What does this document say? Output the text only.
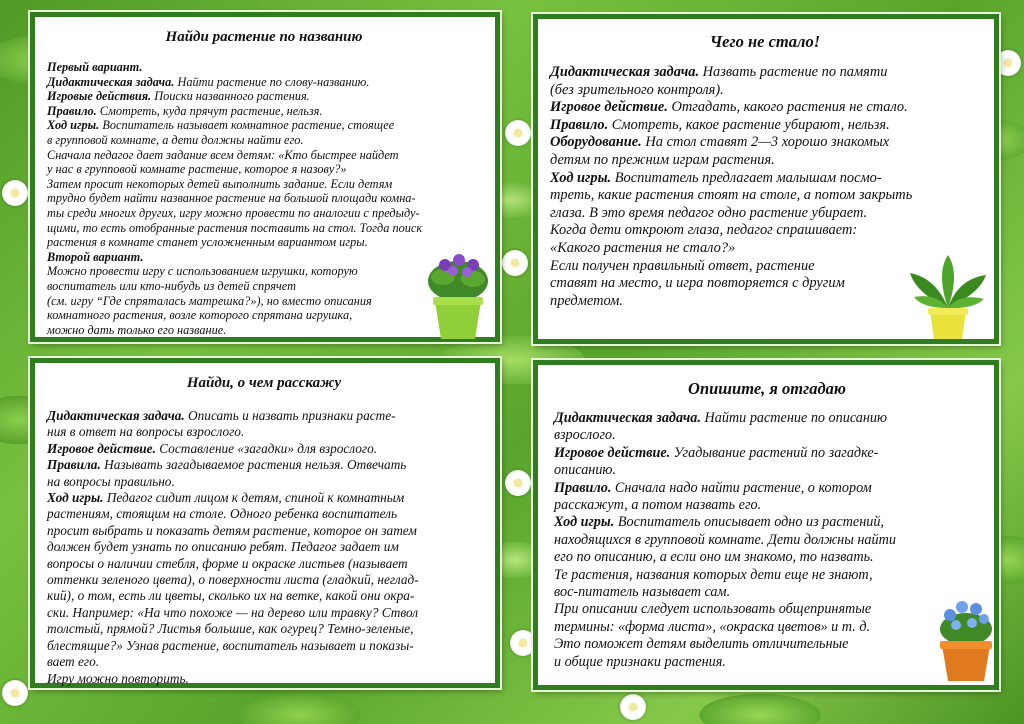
Найди растение по названию

Первый вариант.

Дидактическая задача. Найти растение по слову-названию.

Игровые действия. Поиски названного растения.

Правило. Смотреть, куда прячут растение, нельзя.

Ход игры. Воспитатель называет комнатное растение, стоящее

в групповой комнате, а дети должны найти его.

Сначала педагог дает задание всем детям: «Кто быстрее найдет

у нас в групповой комнате растение, которое я назову?»

Затем просит некоторых детей выполнить задание. Если детям

трудно будет найти названное растение на большой площади комна-

ты среди многих других, игру можно провести по аналогии с предыду-

щими, то есть отобранные растения поставить на стол. Тогда поиск

растения в комнате станет усложненным вариантом игры.

Второй вариант.

Можно провести игру с использованием игрушки, которую

воспитатель или кто-нибудь из детей спрячет

(см. игру “Где спряталась матрешка?»), но вместо описания

комнатного растения, возле которого спрятана игрушка,

можно дать только его название.

Чего не стало!

Дидактическая задача. Назвать растение по памяти

(без зрительного контроля).

Игровое действие. Отгадать, какого растения не стало.

Правило. Смотреть, какое растение убирают, нельзя.

Оборудование. На стол ставят 2—3 хорошо знакомых

детям по прежним играм растения.

Ход игры. Воспитатель предлагает малышам посмо-

треть, какие растения стоят на столе, а потом закрыть

глаза. В это время педагог одно растение убирает.

Когда дети откроют глаза, педагог спрашивает:

«Какого растения не стало?»

Если получен правильный ответ, растение

ставят на место, и игра повторяется с другим

предметом.

Найди, о чем расскажу

Дидактическая задача. Описать и назвать признаки расте-

ния в ответ на вопросы взрослого.

Игровое действие. Составление «загадки» для взрослого.

Правила. Называть загадываемое растения нельзя. Отвечать

на вопросы правильно.

Ход игры. Педагог сидит лицом к детям, спиной к комнатным

растениям, стоящим на столе. Одного ребенка воспитатель

просит выбрать и показать детям растение, которое он затем

должен будет узнать по описанию ребят. Педагог задает им

вопросы о наличии стебля, форме и окраске листьев (называет

оттенки зеленого цвета), о поверхности листа (гладкий, неглад-

кий), о том, есть ли цветы, сколько их на ветке, какой они окра-

ски. Например: «На что похоже — на дерево или травку? Ствол

толстый, прямой? Листья большие, как огурец? Темно-зеленые,

блестящие?» Узнав растение, воспитатель называет и показы-

вает его.

Игру можно повторить.

Опишите, я отгадаю

Дидактическая задача. Найти растение по описанию

взрослого.

Игровое действие. Угадывание растений по загадке-

описанию.

Правило. Сначала надо найти растение, о котором

расскажут, а потом назвать его.

Ход игры. Воспитатель описывает одно из растений,

находящихся в групповой комнате. Дети должны найти

его по описанию, а если оно им знакомо, то назвать.

Те растения, названия которых дети еще не знают,

вос-питатель называет сам.

При описании следует использовать общепринятые

термины: «форма листа», «окраска цветов» и т. д.

Это поможет детям выделить отличительные

и общие признаки растения.
